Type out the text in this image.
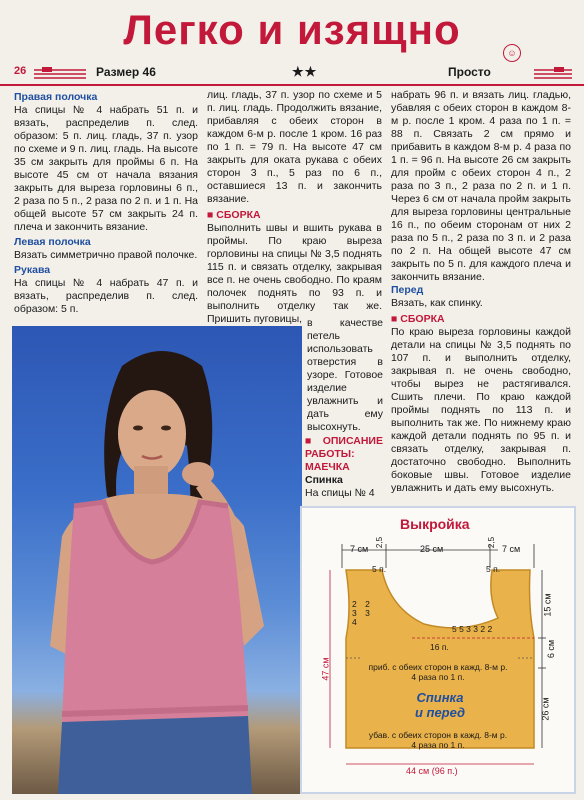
Легко и изящно	☺
26	Размер 46	★★	Просто

Правая полочка

На спицы № 4 набрать 51 п. и вязать, распределив п. след. образом: 5 п. лиц. гладь, 37 п. узор по схеме и 9 п. лиц. гладь. На высоте 35 см закрыть для проймы 6 п. На высоте 45 см от начала вязания закрыть для выреза горловины 6 п., 2 раза по 5 п., 2 раза по 2 п. и 1 п. На общей высоте 57 см закрыть 24 п. плеча и закончить вязание.

Левая полочка

Вязать симметрично правой полочке.

Рукава

На спицы № 4 набрать 47 п. и вязать, распределив п. след. образом: 5 п.

лиц. гладь, 37 п. узор по схеме и 5 п. лиц. гладь. Продолжить вязание, прибавляя с обеих сторон в каждом 6-м р. после 1 кром. 16 раз по 1 п. = 79 п. На высоте 47 см закрыть для оката рукава с обеих сторон 3 п., 5 раз по 6 п., оставшиеся 13 п. и закончить вязание.

■ СБОРКА

Выполнить швы и вшить рукава в проймы. По краю выреза горловины на спицы № 3,5 поднять 115 п. и связать отделку, закрывая все п. не очень свободно. По краям полочек поднять по 93 п. и выполнить отделку так же. Пришить пуговицы, в качестве петель использовать отверстия в узоре. Готовое изделие увлажнить и дать ему высохнуть.

■ ОПИСАНИЕ РАБОТЫ: МАЕЧКА

Спинка

На спицы № 4

набрать 96 п. и вязать лиц. гладью, убавляя с обеих сторон в каждом 8-м р. после 1 кром. 4 раза по 1 п. = 88 п. Связать 2 см прямо и прибавить в каждом 8-м р. 4 раза по 1 п. = 96 п. На высоте 26 см закрыть для пройм с обеих сторон 4 п., 2 раза по 3 п., 2 раза по 2 п. и 1 п. Через 6 см от начала пройм закрыть для выреза горловины центральные 16 п., по обеим сторонам от них 2 раза по 5 п., 2 раза по 3 п. и 2 раза по 2 п. На общей высоте 47 см закрыть по 5 п. для каждого плеча и закончить вязание.

Перед

Вязать, как спинку.

■ СБОРКА

По краю выреза горловины каждой детали на спицы № 3,5 поднять по 107 п. и выполнить отделку, закрывая п. не очень свободно, чтобы вырез не растягивался. Сшить плечи. По краю каждой проймы поднять по 113 п. и выполнить так же. По нижнему краю каждой детали поднять по 95 п. и связать отделку, закрывая п. достаточно свободно. Выполнить боковые швы. Готовое изделие увлажнить и дать ему высохнуть.

Выкройка
7 см
2,5
25 см
2,5
7 см
5 п.	5 п.
15 см
6 см
26 см
47 см
16 п.
5 5 3 3 2 2
2 2 3 3 4
приб. с обеих сторон в кажд. 8-м р. 4 раза по 1 п.
Спинка
и перед
убав. с обеих сторон в кажд. 8-м р. 4 раза по 1 п.
44 см (96 п.)
